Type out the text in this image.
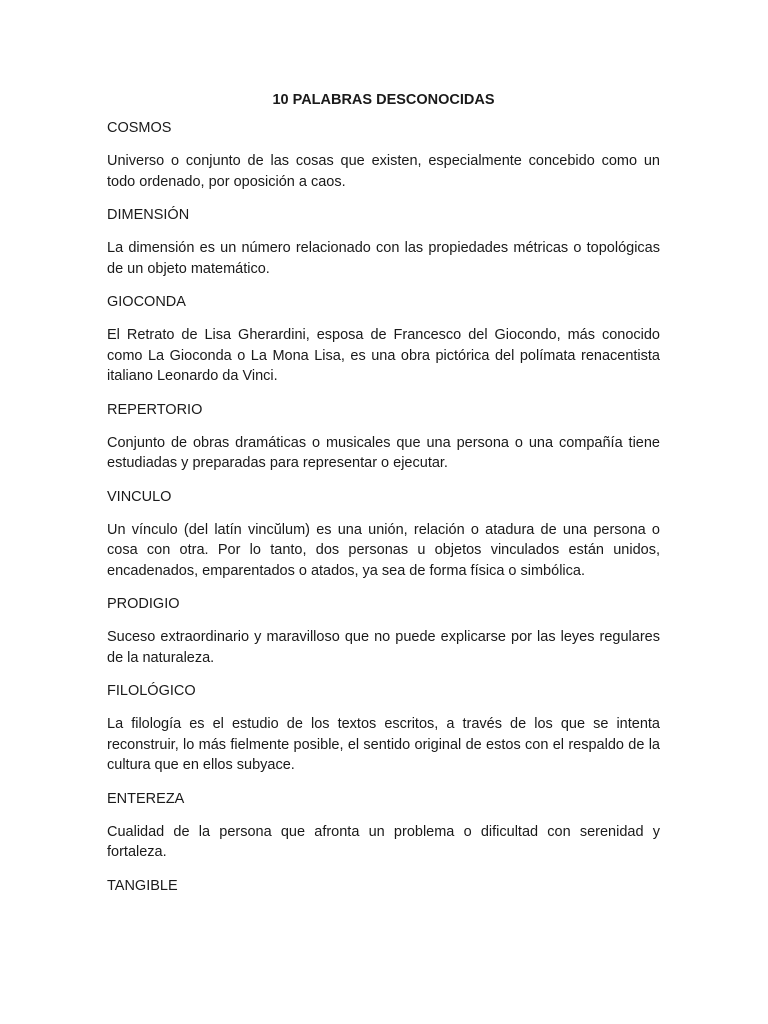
10 PALABRAS DESCONOCIDAS
COSMOS
Universo o conjunto de las cosas que existen, especialmente concebido como un todo ordenado, por oposición a caos.
DIMENSIÓN
La dimensión es un número relacionado con las propiedades métricas o topológicas de un objeto matemático.
GIOCONDA
El Retrato de Lisa Gherardini, esposa de Francesco del Giocondo, más conocido como La Gioconda o La Mona Lisa, es una obra pictórica del polímata renacentista italiano Leonardo da Vinci.
REPERTORIO
Conjunto de obras dramáticas o musicales que una persona o una compañía tiene estudiadas y preparadas para representar o ejecutar.
VINCULO
Un vínculo (del latín vincŭlum) es una unión, relación o atadura de una persona o cosa con otra. Por lo tanto, dos personas u objetos vinculados están unidos, encadenados, emparentados o atados, ya sea de forma física o simbólica.
PRODIGIO
Suceso extraordinario y maravilloso que no puede explicarse por las leyes regulares de la naturaleza.
FILOLÓGICO
La filología es el estudio de los textos escritos, a través de los que se intenta reconstruir, lo más fielmente posible, el sentido original de estos con el respaldo de la cultura que en ellos subyace.
ENTEREZA
Cualidad de la persona que afronta un problema o dificultad con serenidad y fortaleza.
TANGIBLE
